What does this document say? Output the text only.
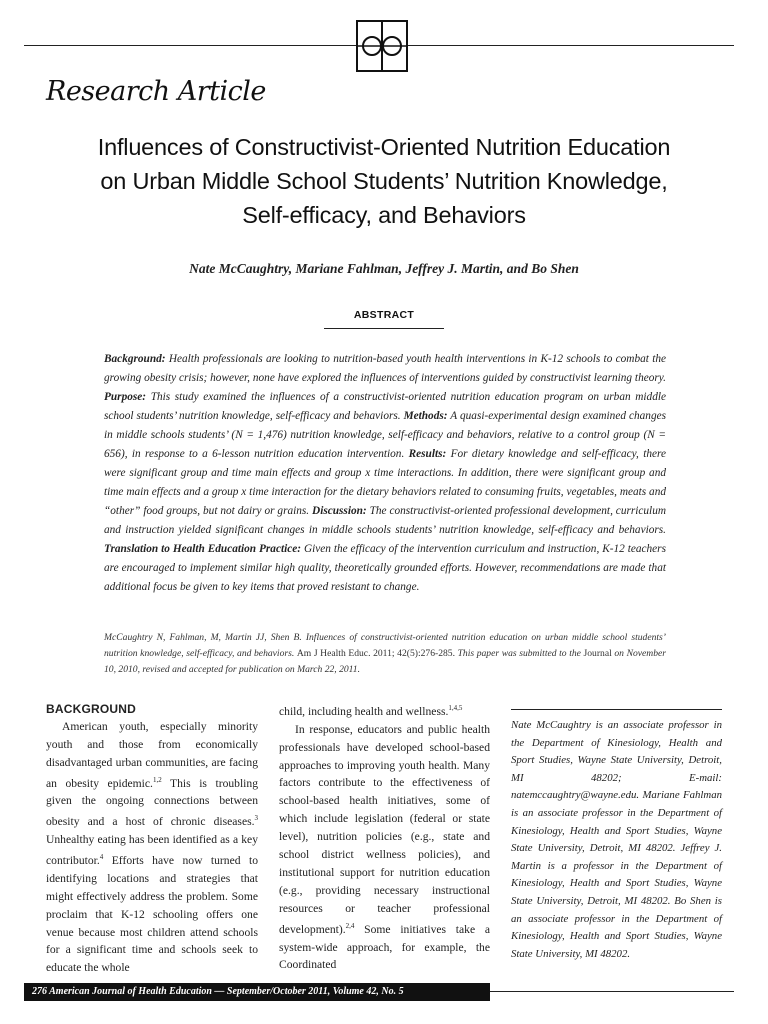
Research Article
Influences of Constructivist-Oriented Nutrition Education
on Urban Middle School Students’ Nutrition Knowledge,
Self-efficacy, and Behaviors
Nate McCaughtry, Mariane Fahlman, Jeffrey J. Martin, and Bo Shen
ABSTRACT
Background: Health professionals are looking to nutrition-based youth health interventions in K-12 schools to combat the growing obesity crisis; however, none have explored the influences of interventions guided by constructivist learning theory. Purpose: This study examined the influences of a constructivist-oriented nutrition education program on urban middle school students’ nutrition knowledge, self-efficacy and behaviors. Methods: A quasi-experimental design examined changes in middle schools students’ (N = 1,476) nutrition knowledge, self-efficacy and behaviors, relative to a control group (N = 656), in response to a 6-lesson nutrition education intervention. Results: For dietary knowledge and self-efficacy, there were significant group and time main effects and group x time interactions. In addition, there were significant group and time main effects and a group x time interaction for the dietary behaviors related to consuming fruits, vegetables, meats and “other” food groups, but not dairy or grains. Discussion: The constructivist-oriented professional development, curriculum and instruction yielded significant changes in middle schools students’ nutrition knowledge, self-efficacy and behaviors. Translation to Health Education Practice: Given the efficacy of the intervention curriculum and instruction, K-12 teachers are encouraged to implement similar high quality, theoretically grounded efforts. However, recommendations are made that additional focus be given to key items that proved resistant to change.
McCaughtry N, Fahlman, M, Martin JJ, Shen B. Influences of constructivist-oriented nutrition education on urban middle school students’ nutrition knowledge, self-efficacy, and behaviors. Am J Health Educ. 2011; 42(5):276-285. This paper was submitted to the Journal on November 10, 2010, revised and accepted for publication on March 22, 2011.
BACKGROUND

American youth, especially minority youth and those from economically disadvantaged urban communities, are facing an obesity epidemic.$^{1,2}$ This is troubling given the ongoing connections between obesity and a host of chronic diseases.$^3$ Unhealthy eating has been identified as a key contributor.$^4$ Efforts have now turned to identifying locations and strategies that might effectively address the problem. Some proclaim that K-12 schooling offers one venue because most children attend schools for a significant time and schools seek to educate the whole

child, including health and wellness.$^{1,4,5}$

In response, educators and public health professionals have developed school-based approaches to improving youth health. Many factors contribute to the effectiveness of school-based health initiatives, some of which include legislation (federal or state level), nutrition policies (e.g., state and school district wellness policies), and institutional support for nutrition education (e.g., providing necessary instructional resources or teacher professional development).$^{2,4}$ Some initiatives take a system-wide approach, for example, the Coordinated

Nate McCaughtry is an associate professor in the Department of Kinesiology, Health and Sport Studies, Wayne State University, Detroit, MI 48202; E-mail: natemccaughtry@wayne.edu. Mariane Fahlman is an associate professor in the Department of Kinesiology, Health and Sport Studies, Wayne State University, Detroit, MI 48202. Jeffrey J. Martin is a professor in the Department of Kinesiology, Health and Sport Studies, Wayne State University, Detroit, MI 48202. Bo Shen is an associate professor in the Department of Kinesiology, Health and Sport Studies, Wayne State University, MI 48202.
276 American Journal of Health Education — September/October 2011, Volume 42, No. 5
